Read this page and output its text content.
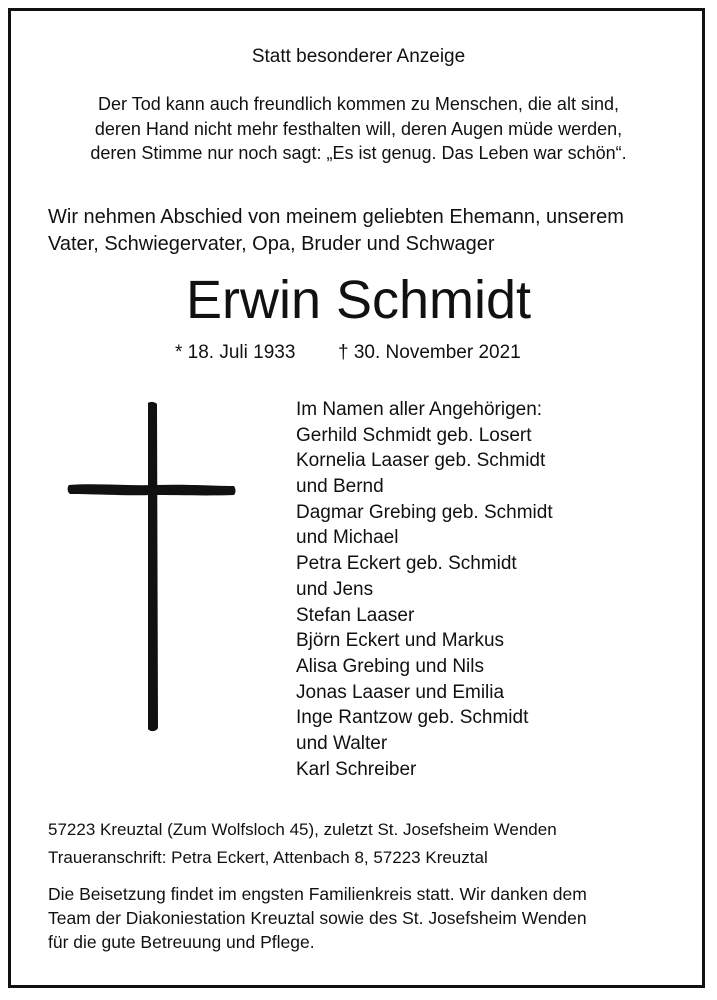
Statt besonderer Anzeige

Der Tod kann auch freundlich kommen zu Menschen, die alt sind,
deren Hand nicht mehr festhalten will, deren Augen müde werden,
deren Stimme nur noch sagt: „Es ist genug. Das Leben war schön“.
Wir nehmen Abschied von meinem geliebten Ehemann, unserem
Vater, Schwiegervater, Opa, Bruder und Schwager

Erwin Schmidt

* 18. Juli 1933 † 30. November 2021

Im Namen aller Angehörigen:
Gerhild Schmidt geb. Losert
Kornelia Laaser geb. Schmidt
und Bernd
Dagmar Grebing geb. Schmidt
und Michael
Petra Eckert geb. Schmidt
und Jens
Stefan Laaser
Björn Eckert und Markus
Alisa Grebing und Nils
Jonas Laaser und Emilia
Inge Rantzow geb. Schmidt
und Walter
Karl Schreiber

57223 Kreuztal (Zum Wolfsloch 45), zuletzt St. Josefsheim Wenden

Traueranschrift: Petra Eckert, Attenbach 8, 57223 Kreuztal

Die Beisetzung findet im engsten Familienkreis statt. Wir danken dem
Team der Diakoniestation Kreuztal sowie des St. Josefsheim Wenden
für die gute Betreuung und Pflege.
